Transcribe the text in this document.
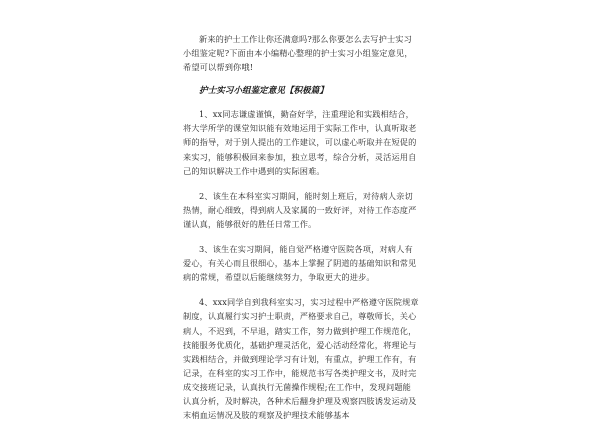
新来的护士工作让你还满意吗?那么你要怎么去写护士实习小组鉴定呢?下面由本小编精心整理的护士实习小组鉴定意见，希望可以帮到你哦!

护士实习小组鉴定意见【积极篇】

1、xx同志谦虚谨慎，勤奋好学，注重理论和实践相结合，将大学所学的课堂知识能有效地运用于实际工作中，认真听取老师的指导，对于别人提出的工作建议，可以虚心听取并在短促的来实习，能够积极回来参加，独立思考，综合分析，灵活运用自己的知识解决工作中遇到的实际困难。

2、该生在本科室实习期间，能时刻上班后，对待病人亲切热情，耐心细致，得到病人及家属的一致好评，对待工作态度严谨认真，能够很好的胜任日常工作。

3、该生在实习期间，能自觉严格遵守医院各项，对病人有爱心，有关心而且很细心，基本上掌握了阴道的基础知识和常见病的常规，希望以后能继续努力，争取更大的进步。

4、xxx同学自到我科室实习，实习过程中严格遵守医院规章制度，认真履行实习护士职责，严格要求自己，尊敬师长，关心病人，不迟到，不早退，踏实工作，努力做到护理工作规范化，技能服务优质化，基础护理灵活化，爱心活动经常化，将理论与实践相结合，并做到理论学习有计划，有重点，护理工作有，有记录，在科室的实习工作中，能规范书写各类护理文书，及时完成交接班记录，认真执行无菌操作规程;在工作中，发现问题能认真分析，及时解决，各种术后翻身护理及观察四肢诱发运动及末梢血运情况及肢的观察及护理技术能够基本
